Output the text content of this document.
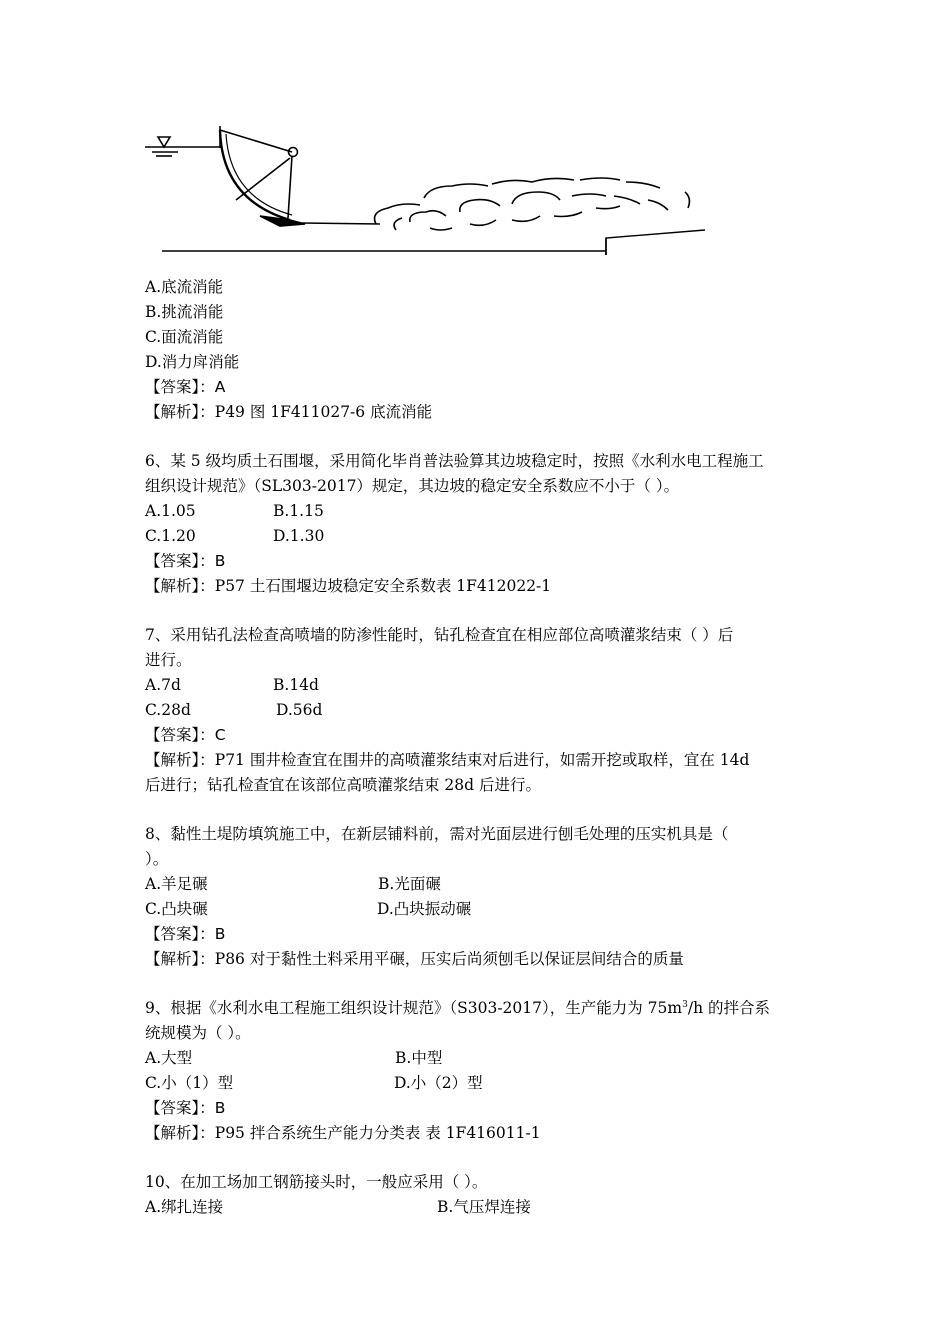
A.底流消能
B.挑流消能
C.面流消能
D.消力戽消能
【答案】：A
【解析】：P49 图 1F411027-6 底流消能
6、某 5 级均质土石围堰，采用简化毕肖普法验算其边坡稳定时，按照《水利水电工程施工
组织设计规范》（SL303-2017）规定，其边坡的稳定安全系数应不小于（ ）。
A.1.05	B.1.15
C.1.20	D.1.30
【答案】：B
【解析】：P57 土石围堰边坡稳定安全系数表 1F412022-1
7、采用钻孔法检查高喷墙的防渗性能时，钻孔检查宜在相应部位高喷灌浆结束（ ）后
进行。
A.7d	B.14d
C.28d	D.56d
【答案】：C
【解析】：P71 围井检查宜在围井的高喷灌浆结束对后进行，如需开挖或取样，宜在 14d
后进行；钻孔检查宜在该部位高喷灌浆结束 28d 后进行。
8、黏性土堤防填筑施工中，在新层铺料前，需对光面层进行刨毛处理的压实机具是（
）。
A.羊足碾	B.光面碾
C.凸块碾	D.凸块振动碾
【答案】：B
【解析】：P86 对于黏性土料采用平碾，压实后尚须刨毛以保证层间结合的质量
9、根据《水利水电工程施工组织设计规范》（S303-2017），生产能力为 $75m^3/h$ 的拌合系
统规模为（ ）。
A.大型	B.中型
C.小（1）型	D.小（2）型
【答案】：B
【解析】：P95 拌合系统生产能力分类表 表 1F416011-1
10、在加工场加工钢筋接头时，一般应采用（ ）。
A.绑扎连接	B.气压焊连接
